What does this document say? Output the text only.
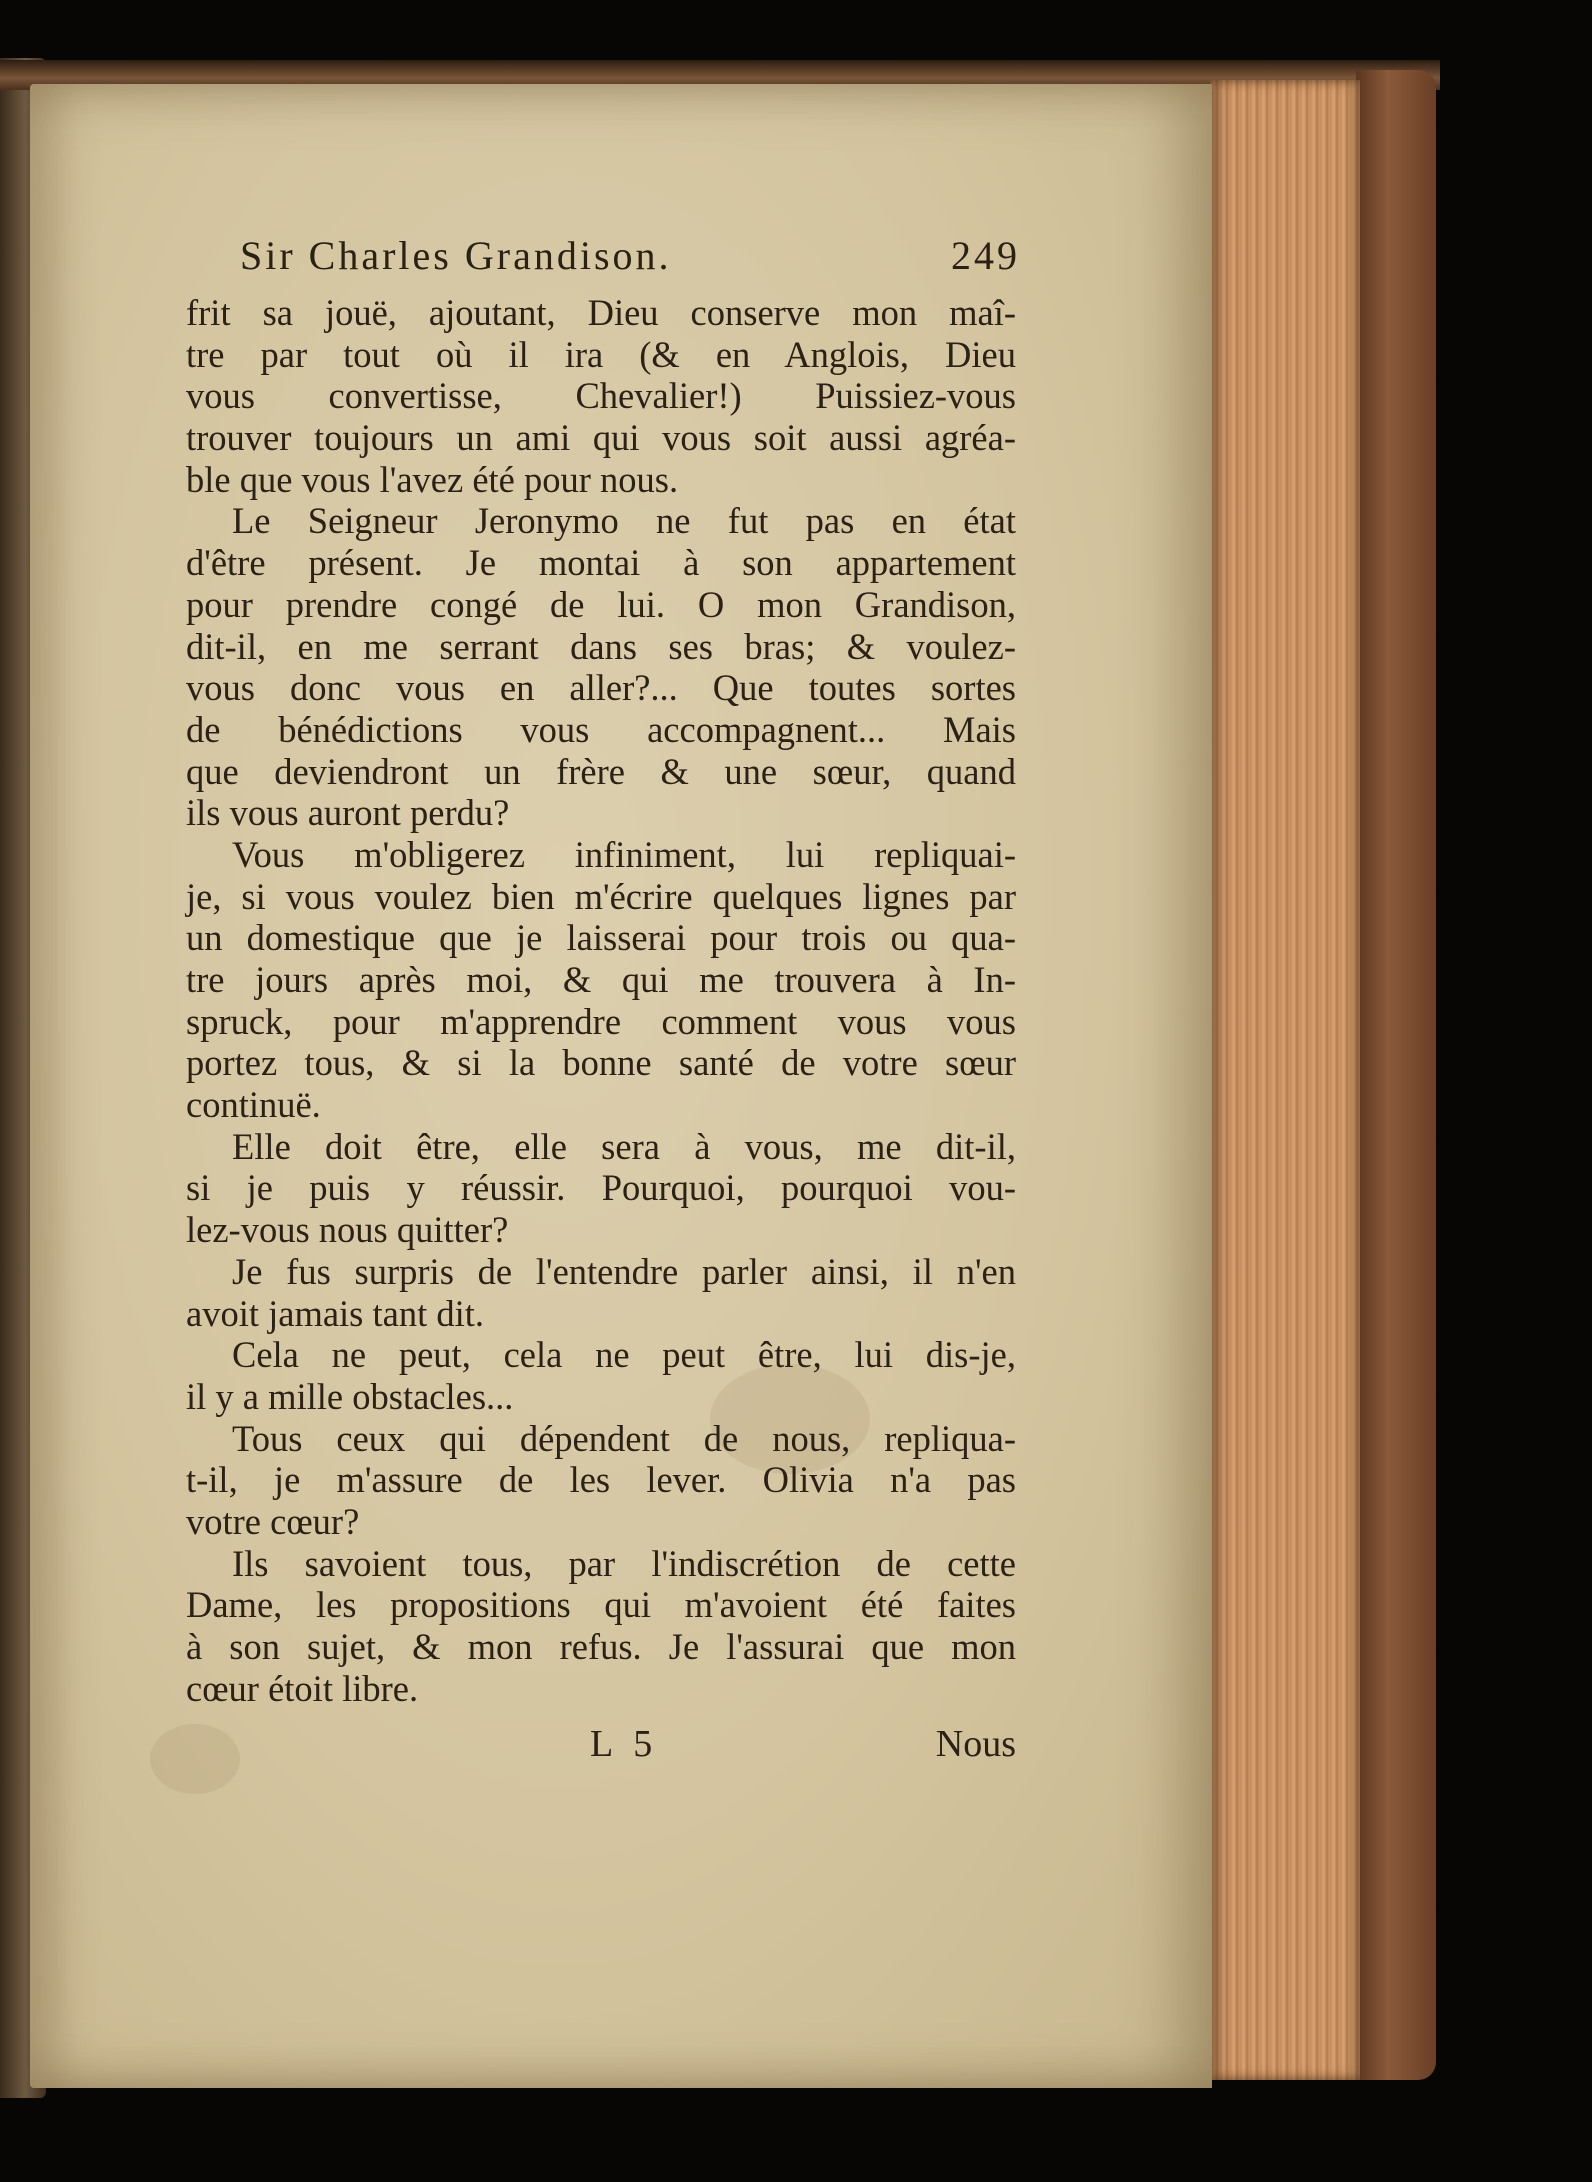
Sir Charles Grandison.	249
frit sa jouë, ajoutant, Dieu conserve mon maî-
tre par tout où il ira (& en Anglois, Dieu
vous convertisse, Chevalier!) Puissiez-vous
trouver toujours un ami qui vous soit aussi agréa-
ble que vous l'avez été pour nous.
Le Seigneur Jeronymo ne fut pas en état
d'être présent. Je montai à son appartement
pour prendre congé de lui. O mon Grandison,
dit-il, en me serrant dans ses bras; & voulez-
vous donc vous en aller?... Que toutes sortes
de bénédictions vous accompagnent... Mais
que deviendront un frère & une sœur, quand
ils vous auront perdu?
Vous m'obligerez infiniment, lui repliquai-
je, si vous voulez bien m'écrire quelques lignes par
un domestique que je laisserai pour trois ou qua-
tre jours après moi, & qui me trouvera à In-
spruck, pour m'apprendre comment vous vous
portez tous, & si la bonne santé de votre sœur
continuë.
Elle doit être, elle sera à vous, me dit-il,
si je puis y réussir. Pourquoi, pourquoi vou-
lez-vous nous quitter?
Je fus surpris de l'entendre parler ainsi, il n'en
avoit jamais tant dit.
Cela ne peut, cela ne peut être, lui dis-je,
il y a mille obstacles...
Tous ceux qui dépendent de nous, repliqua-
t-il, je m'assure de les lever. Olivia n'a pas
votre cœur?
Ils savoient tous, par l'indiscrétion de cette
Dame, les propositions qui m'avoient été faites
à son sujet, & mon refus. Je l'assurai que mon
cœur étoit libre.
L 5	Nous
